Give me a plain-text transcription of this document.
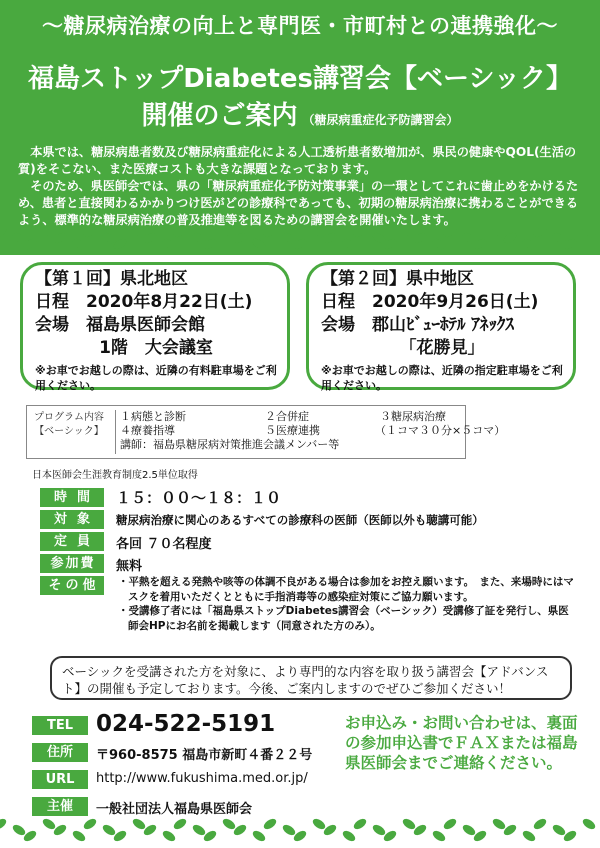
～糖尿病治療の向上と専門医・市町村との連携強化～
福島ストップDiabetes講習会【ベーシック】
開催のご案内 （糖尿病重症化予防講習会）

本県では、糖尿病患者数及び糖尿病重症化による人工透析患者数増加が、県民の健康やQOL(生活の質)をそこない、また医療コストも大きな課題となっております。

そのため、県医師会では、県の「糖尿病重症化予防対策事業」の一環としてこれに歯止めをかけるため、患者と直接関わるかかりつけ医がどの診療科であっても、初期の糖尿病治療に携わることができるよう、標準的な糖尿病治療の普及推進等を図るための講習会を開催いたします。

【第１回】県北地区
日程　2020年8月22日(土)
会場　福島県医師会館
1階　大会議室
※お車でお越しの際は、近隣の有料駐車場をご利用ください。
【第２回】県中地区
日程　2020年9月26日(土)
会場　郡山ﾋﾞｭｰﾎﾃﾙ ｱﾈｯｸｽ
「花勝見」
※お車でお越しの際は、近隣の指定駐車場をご利用ください。
プログラム内容
【ベーシック】
１病態と診断	２合併症	３糖尿病治療
４療養指導	５医療連携	（１コマ３０分×５コマ）
講師：福島県糖尿病対策推進会議メンバー等
日本医師会生涯教育制度2.5単位取得
時間 １５：００～１８：１０
対象	糖尿病治療に関心のあるすべての診療科の医師（医師以外も聴講可能）
定員	各回 ７０名程度
参加費	無料
その他	・平熱を超える発熱や咳等の体調不良がある場合は参加をお控え願います。　また、来場時にはマスクを着用いただくとともに手指消毒等の感染症対策にご協力願います。
・受講修了者には「福島県ストップDiabetes講習会（ベーシック）受講修了証を発行し、県医師会HPにお名前を掲載します（同意された方のみ）。
ベーシックを受講された方を対象に、より専門的な内容を取り扱う講習会【アドバンスト】の開催も予定しております。今後、ご案内しますのでぜひご参加ください！
TEL 024-522-5191
住所	〒960-8575 福島市新町４番２２号
URL	http://www.fukushima.med.or.jp/
主催	一般社団法人福島県医師会
お申込み・お問い合わせは、裏面の参加申込書でＦＡＸまたは福島県医師会までご連絡ください。
